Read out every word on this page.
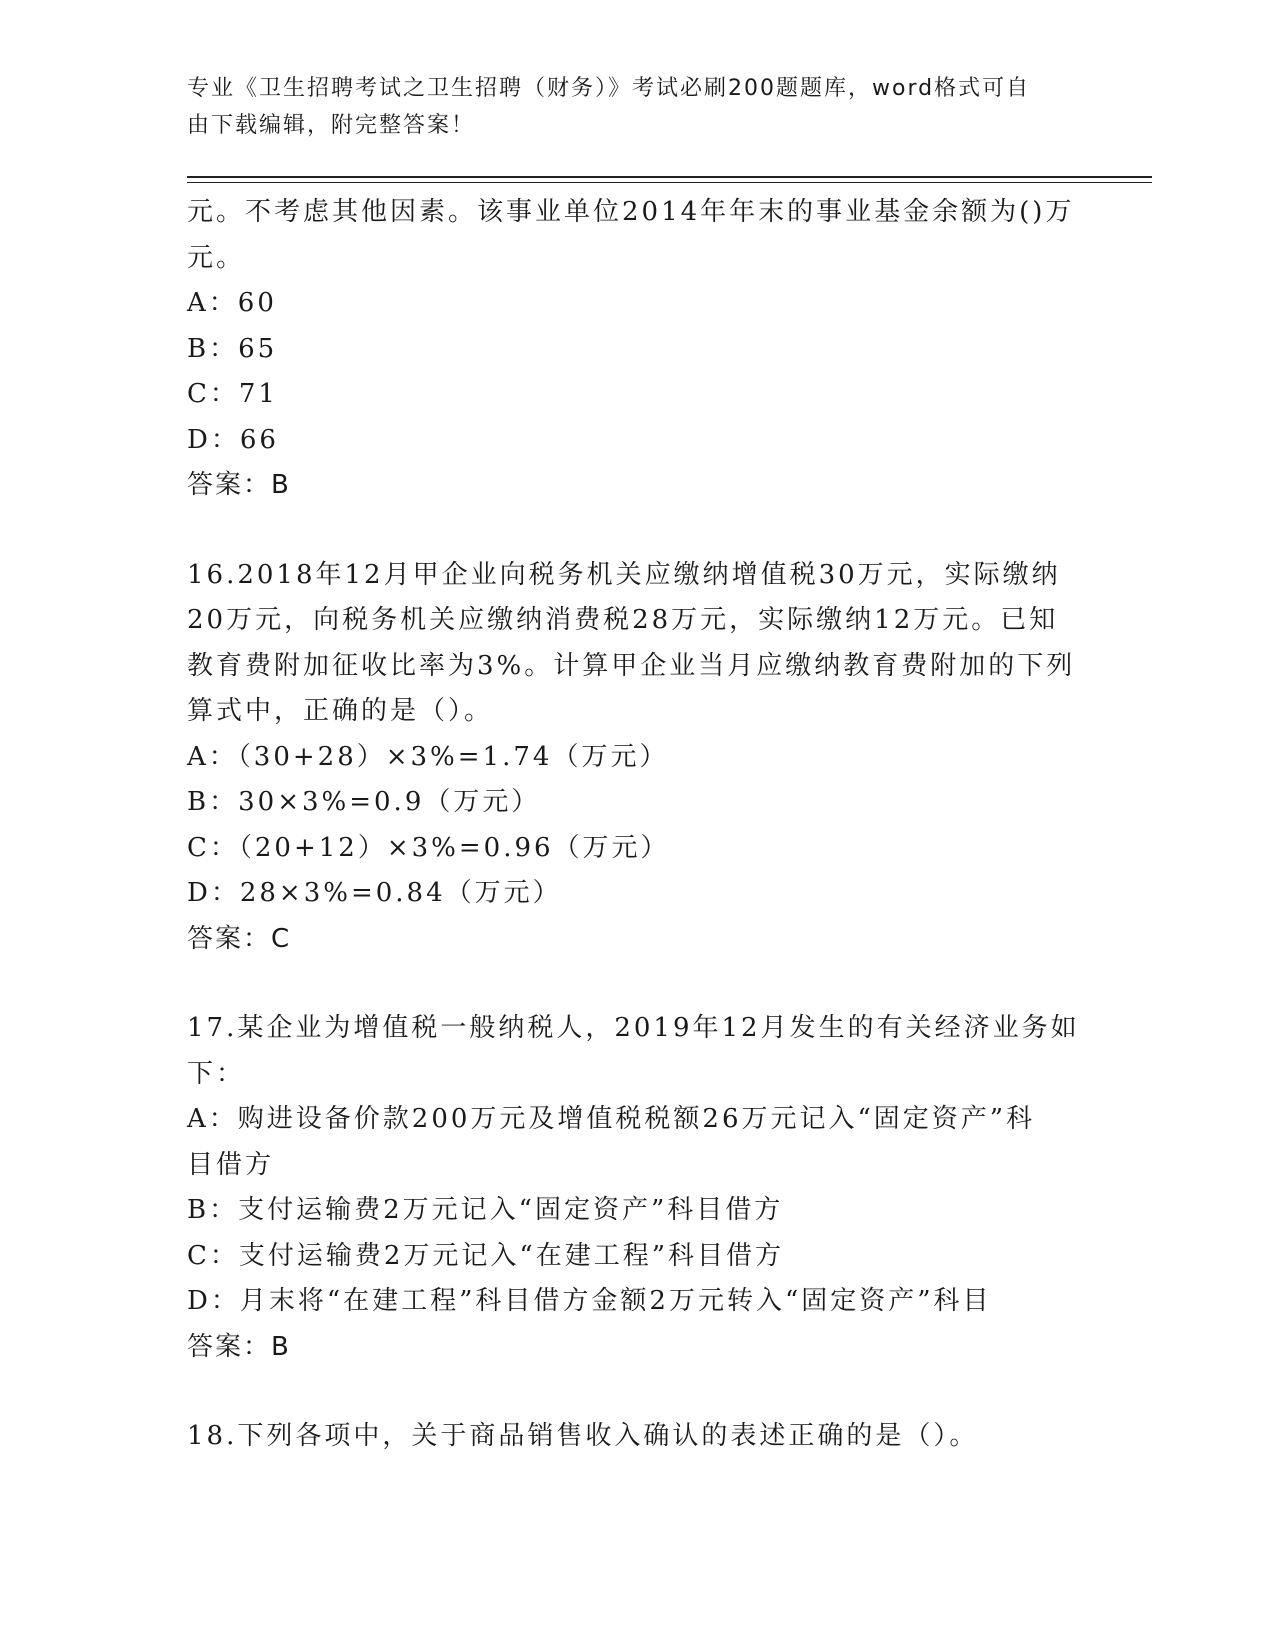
专业《卫生招聘考试之卫生招聘（财务）》考试必刷200题题库，word格式可自
由下载编辑，附完整答案！
元。不考虑其他因素。该事业单位2014年年末的事业基金余额为()万
元。
A：60
B：65
C：71
D：66
答案：B
16.2018年12月甲企业向税务机关应缴纳增值税30万元，实际缴纳
20万元，向税务机关应缴纳消费税28万元，实际缴纳12万元。已知
教育费附加征收比率为3%。计算甲企业当月应缴纳教育费附加的下列
算式中，正确的是（）。
A：（30+28）×3%=1.74（万元）
B：30×3%=0.9（万元）
C：（20+12）×3%=0.96（万元）
D：28×3%=0.84（万元）
答案：C
17.某企业为增值税一般纳税人，2019年12月发生的有关经济业务如
下：
A：购进设备价款200万元及增值税税额26万元记入“固定资产”科
目借方
B：支付运输费2万元记入“固定资产”科目借方
C：支付运输费2万元记入“在建工程”科目借方
D：月末将“在建工程”科目借方金额2万元转入“固定资产”科目
答案：B
18.下列各项中，关于商品销售收入确认的表述正确的是（）。
